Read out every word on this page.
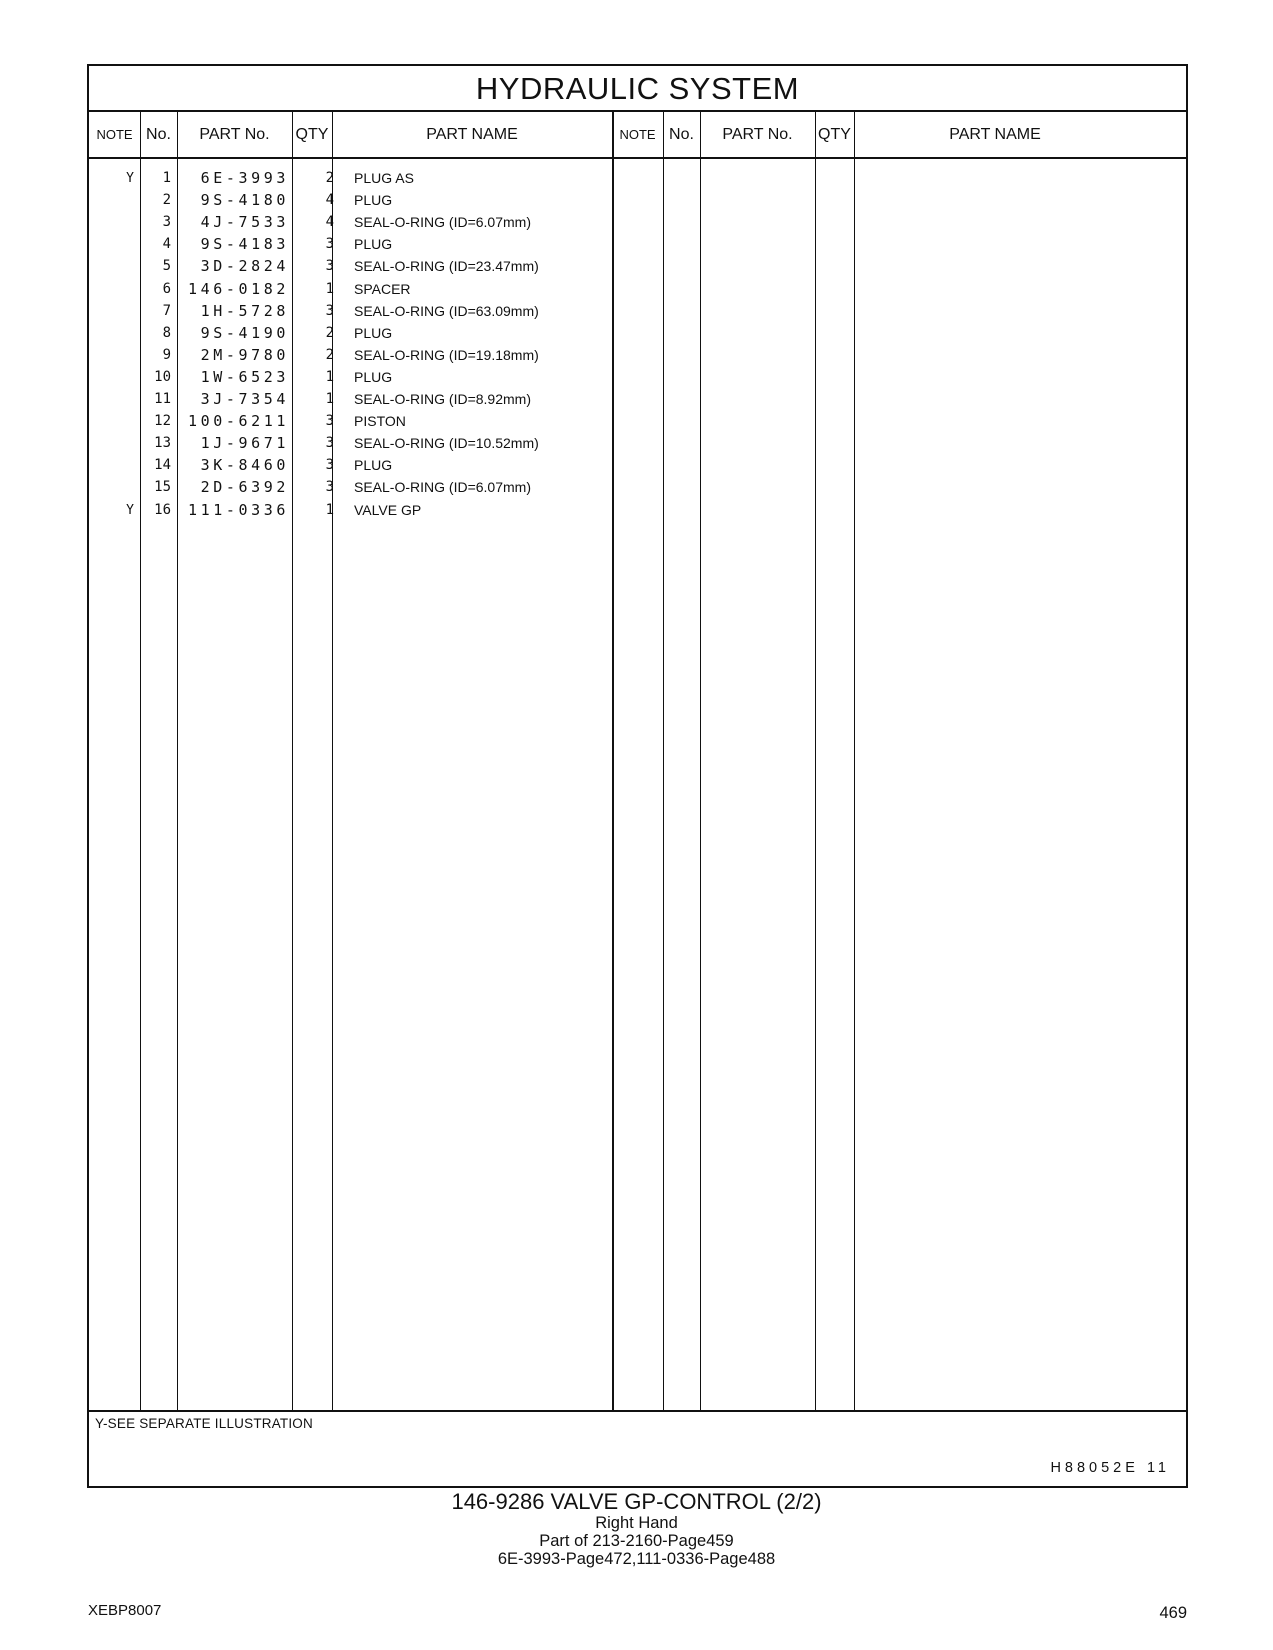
HYDRAULIC SYSTEM
NOTE No.	PART No.	QTY	PART NAME	NOTE No.	PART No.	QTY	PART NAME
Y	1	6E-3993	2 PLUG AS
2	9S-4180	4 PLUG
3	4J-7533	4 SEAL-O-RING (ID=6.07mm)
4	9S-4183	3 PLUG
5	3D-2824	3 SEAL-O-RING (ID=23.47mm)
6	146-0182	1 SPACER
7	1H-5728	3 SEAL-O-RING (ID=63.09mm)
8	9S-4190	2 PLUG
9	2M-9780	2 SEAL-O-RING (ID=19.18mm)
10	1W-6523	1 PLUG
11	3J-7354	1 SEAL-O-RING (ID=8.92mm)
12	100-6211	3 PISTON
13	1J-9671	3 SEAL-O-RING (ID=10.52mm)
14	3K-8460	3 PLUG
15	2D-6392	3 SEAL-O-RING (ID=6.07mm)
Y	16	111-0336	1 VALVE GP
Y-SEE SEPARATE ILLUSTRATION
H88052E 11
146-9286 VALVE GP-CONTROL (2/2)
Right Hand
Part of 213-2160-Page459
6E-3993-Page472,111-0336-Page488
XEBP8007	469
